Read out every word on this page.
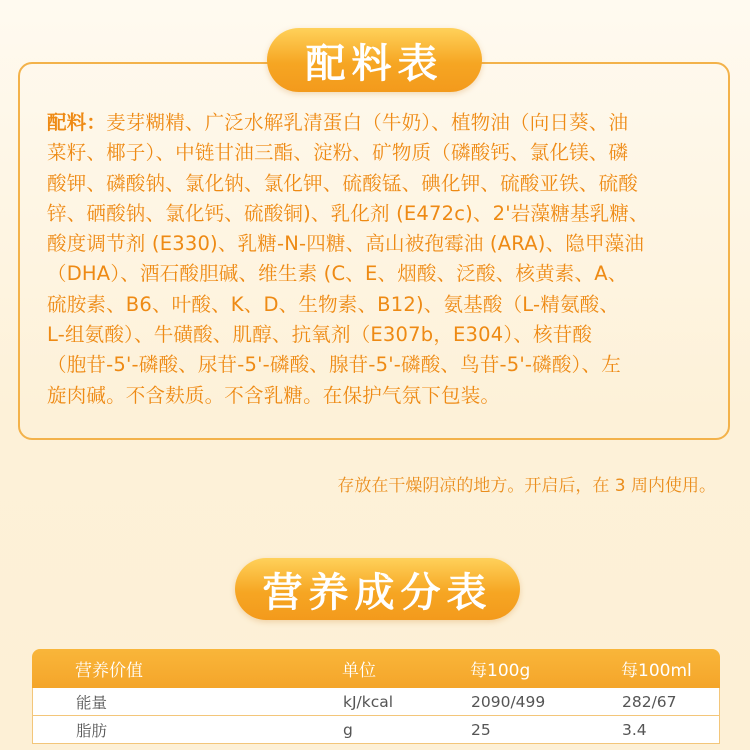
配料表
配料：麦芽糊精、广泛水解乳清蛋白（牛奶）、植物油（向日葵、油
菜籽、椰子）、中链甘油三酯、淀粉、矿物质（磷酸钙、氯化镁、磷
酸钾、磷酸钠、氯化钠、氯化钾、硫酸锰、碘化钾、硫酸亚铁、硫酸
锌、硒酸钠、氯化钙、硫酸铜)、乳化剂 (E472c)、2'岩藻糖基乳糖、
酸度调节剂 (E330)、乳糖-N-四糖、高山被孢霉油 (ARA)、隐甲藻油
（DHA）、酒石酸胆碱、维生素 (C、E、烟酸、泛酸、核黄素、A、
硫胺素、B6、叶酸、K、D、生物素、B12)、氨基酸（L-精氨酸、
L-组氨酸）、牛磺酸、肌醇、抗氧剂（E307b，E304）、核苷酸
（胞苷-5'-磷酸、尿苷-5'-磷酸、腺苷-5'-磷酸、鸟苷-5'-磷酸）、左
旋肉碱。不含麸质。不含乳糖。在保护气氛下包装。
存放在干燥阴凉的地方。开启后，在 3 周内使用。
营养成分表
营养价值	单位	每100g	每100ml
能量	kJ/kcal	2090/499	282/67
脂肪	g	25	3.4
